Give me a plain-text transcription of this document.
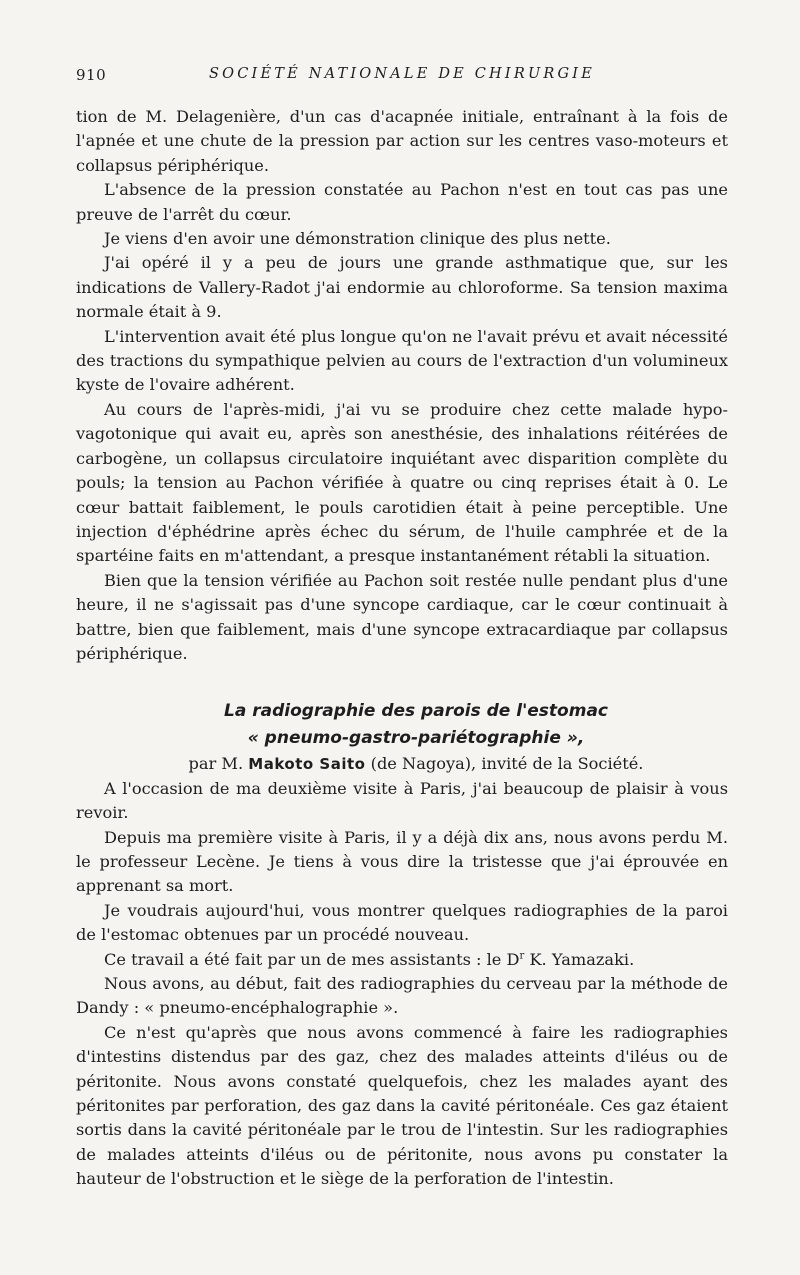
910	SOCIÉTÉ NATIONALE DE CHIRURGIE

tion de M. Delagenière, d'un cas d'acapnée initiale, entraînant à la fois de l'apnée et une chute de la pression par action sur les centres vaso-moteurs et collapsus périphérique.

L'absence de la pression constatée au Pachon n'est en tout cas pas une preuve de l'arrêt du cœur.

Je viens d'en avoir une démonstration clinique des plus nette.

J'ai opéré il y a peu de jours une grande asthmatique que, sur les indications de Vallery-Radot j'ai endormie au chloroforme. Sa tension maxima normale était à 9.

L'intervention avait été plus longue qu'on ne l'avait prévu et avait nécessité des tractions du sympathique pelvien au cours de l'extraction d'un volumineux kyste de l'ovaire adhérent.

Au cours de l'après-midi, j'ai vu se produire chez cette malade hypo-vagotonique qui avait eu, après son anesthésie, des inhalations réitérées de carbogène, un collapsus circulatoire inquiétant avec disparition complète du pouls; la tension au Pachon vérifiée à quatre ou cinq reprises était à 0. Le cœur battait faiblement, le pouls carotidien était à peine perceptible. Une injection d'éphédrine après échec du sérum, de l'huile camphrée et de la spartéine faits en m'attendant, a presque instantanément rétabli la situation.

Bien que la tension vérifiée au Pachon soit restée nulle pendant plus d'une heure, il ne s'agissait pas d'une syncope cardiaque, car le cœur continuait à battre, bien que faiblement, mais d'une syncope extracardiaque par collapsus périphérique.

La radiographie des parois de l'estomac

« pneumo-gastro-pariétographie »,

par M. Makoto Saito (de Nagoya), invité de la Société.

A l'occasion de ma deuxième visite à Paris, j'ai beaucoup de plaisir à vous revoir.

Depuis ma première visite à Paris, il y a déjà dix ans, nous avons perdu M. le professeur Lecène. Je tiens à vous dire la tristesse que j'ai éprouvée en apprenant sa mort.

Je voudrais aujourd'hui, vous montrer quelques radiographies de la paroi de l'estomac obtenues par un procédé nouveau.

Ce travail a été fait par un de mes assistants : le $D^r$ K. Yamazaki.

Nous avons, au début, fait des radiographies du cerveau par la méthode de Dandy : « pneumo-encéphalographie ».

Ce n'est qu'après que nous avons commencé à faire les radiographies d'intestins distendus par des gaz, chez des malades atteints d'iléus ou de péritonite. Nous avons constaté quelquefois, chez les malades ayant des péritonites par perforation, des gaz dans la cavité péritonéale. Ces gaz étaient sortis dans la cavité péritonéale par le trou de l'intestin. Sur les radiographies de malades atteints d'iléus ou de péritonite, nous avons pu constater la hauteur de l'obstruction et le siège de la perforation de l'intestin.
